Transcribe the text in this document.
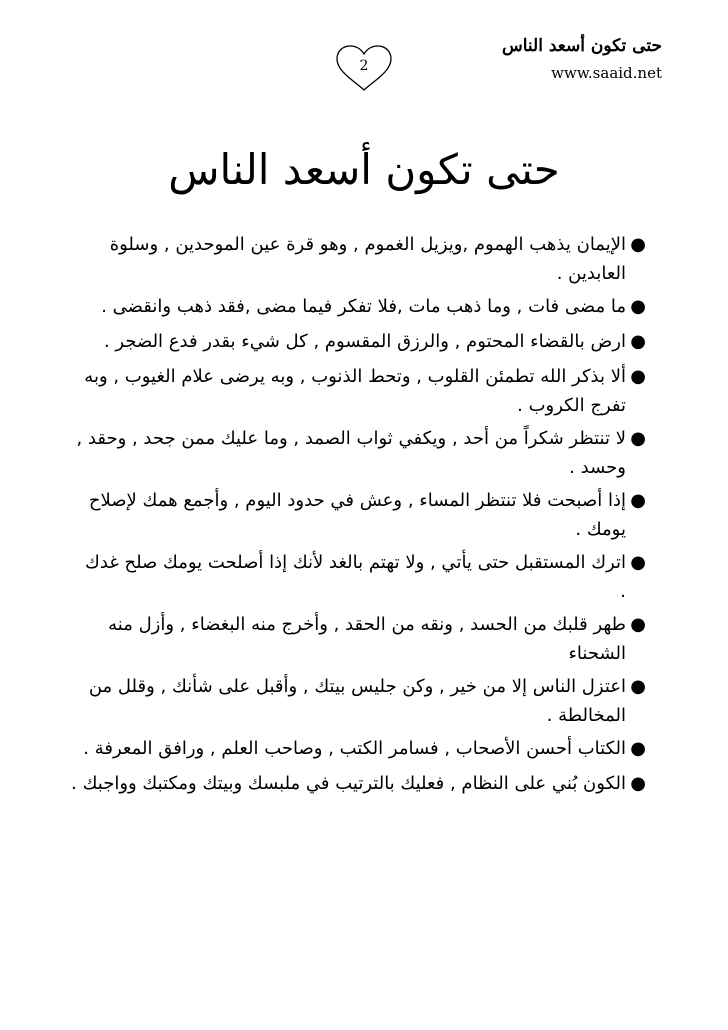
حتى تكون أسعد الناس
www.saaid.net
2
حتى تكون أسعد الناس
●
الإيمان يذهب الهموم ,ويزيل الغموم , وهو قرة عين الموحدين , وسلوة العابدين .
●
ما مضى فات , وما ذهب مات ,فلا تفكر فيما مضى ,فقد ذهب وانقضى .
●
ارض بالقضاء المحتوم , والرزق المقسوم , كل شيء بقدر فدع الضجر .
●
ألا بذكر الله تطمئن القلوب , وتحط الذنوب , وبه يرضى علام الغيوب , وبه تفرج الكروب .
●
لا تنتظر شكراً من أحد , ويكفي ثواب الصمد , وما عليك ممن جحد , وحقد , وحسد .
●
إذا أصبحت فلا تنتظر المساء , وعش في حدود اليوم , وأجمع همك لإصلاح يومك .
●
اترك المستقبل حتى يأتي , ولا تهتم بالغد لأنك إذا أصلحت يومك صلح غدك .
●
طهر قلبك من الحسد , ونقه من الحقد , وأخرج منه البغضاء , وأزل منه الشحناء
●
اعتزل الناس إلا من خير , وكن جليس بيتك , وأقبل على شأنك , وقلل من المخالطة .
●
الكتاب أحسن الأصحاب , فسامر الكتب , وصاحب العلم , ورافق المعرفة .
●
الكون بُني على النظام , فعليك بالترتيب في ملبسك وبيتك ومكتبك وواجبك .
